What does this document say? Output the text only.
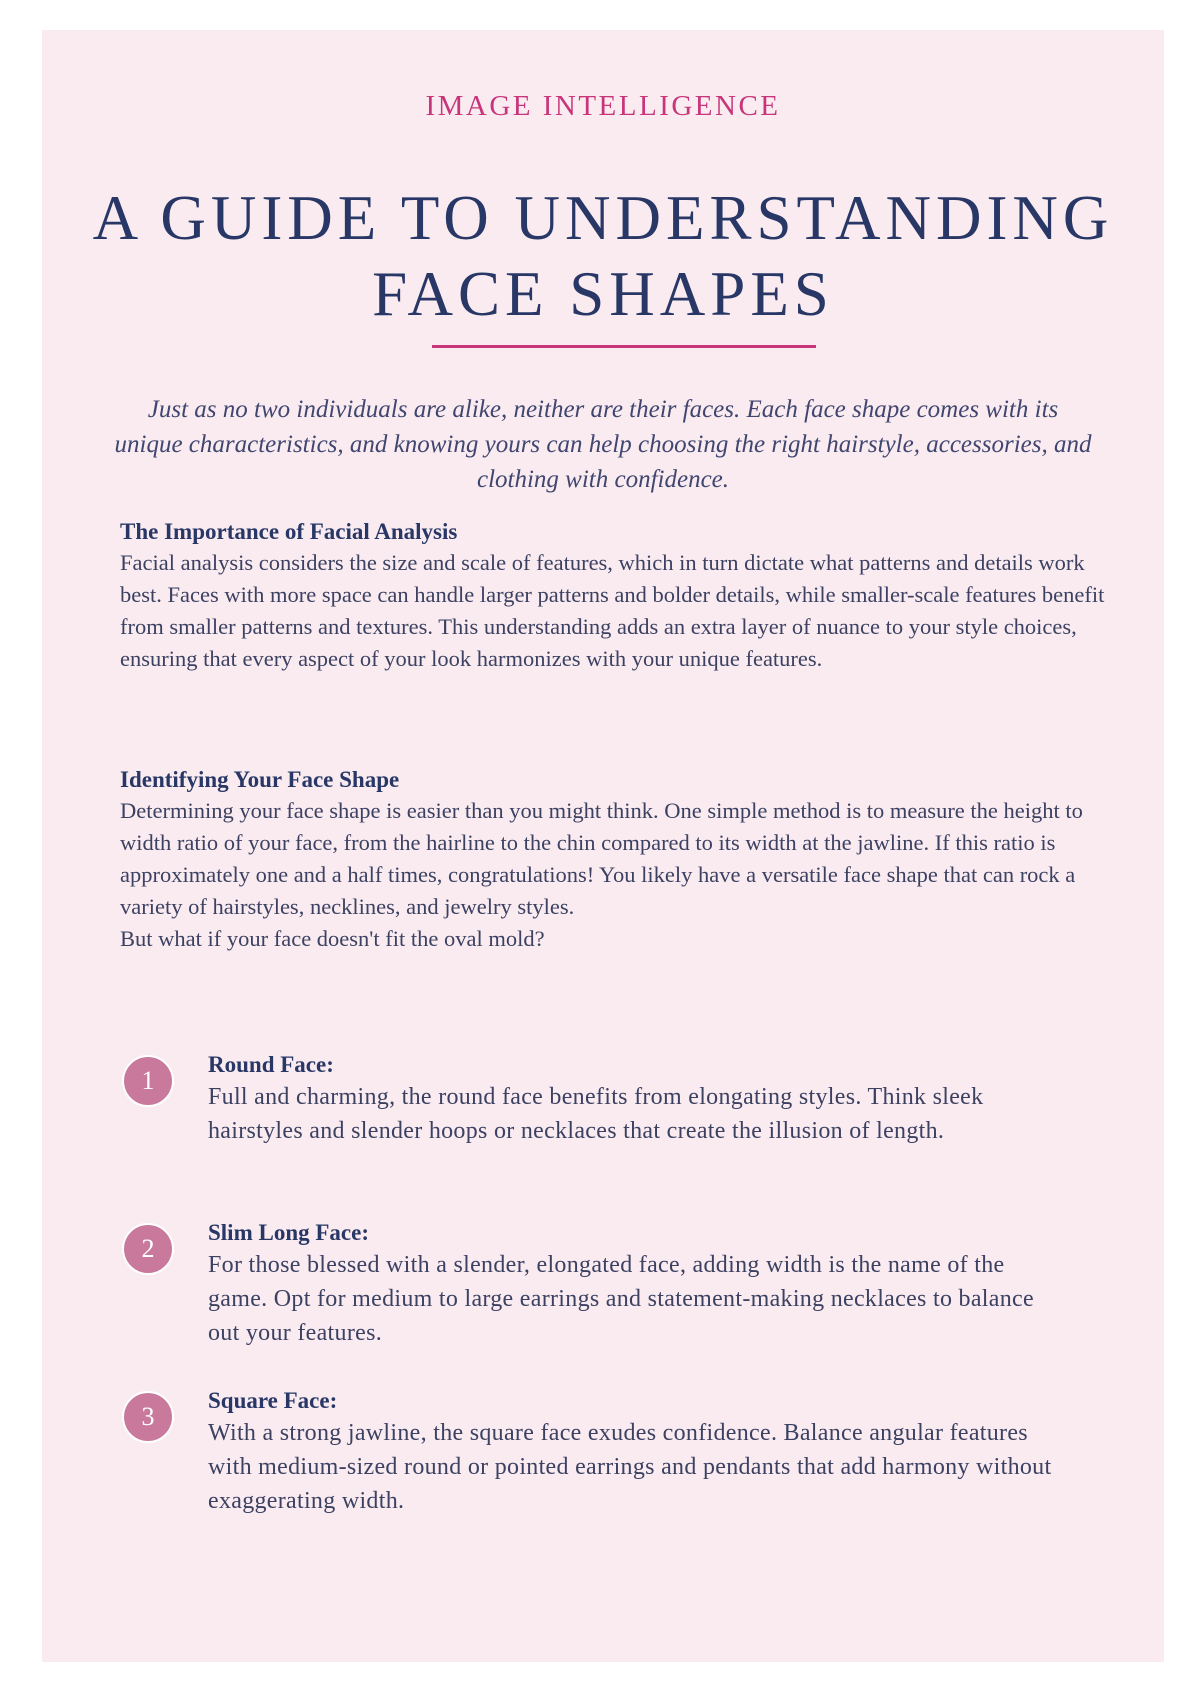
IMAGE INTELLIGENCE
A GUIDE TO UNDERSTANDING
FACE SHAPES

Just as no two individuals are alike, neither are their faces. Each face shape comes with its unique characteristics, and knowing yours can help choosing the right hairstyle, accessories, and clothing with confidence.

The Importance of Facial Analysis

Facial analysis considers the size and scale of features, which in turn dictate what patterns and details work best. Faces with more space can handle larger patterns and bolder details, while smaller-scale features benefit from smaller patterns and textures. This understanding adds an extra layer of nuance to your style choices, ensuring that every aspect of your look harmonizes with your unique features.

Identifying Your Face Shape

Determining your face shape is easier than you might think. One simple method is to measure the height to width ratio of your face, from the hairline to the chin compared to its width at the jawline. If this ratio is approximately one and a half times, congratulations! You likely have a versatile face shape that can rock a variety of hairstyles, necklines, and jewelry styles.

But what if your face doesn't fit the oval mold?

1
Round Face:

Full and charming, the round face benefits from elongating styles. Think sleek hairstyles and slender hoops or necklaces that create the illusion of length.

2
Slim Long Face:

For those blessed with a slender, elongated face, adding width is the name of the game. Opt for medium to large earrings and statement-making necklaces to balance out your features.

3
Square Face:

With a strong jawline, the square face exudes confidence. Balance angular features with medium-sized round or pointed earrings and pendants that add harmony without exaggerating width.
